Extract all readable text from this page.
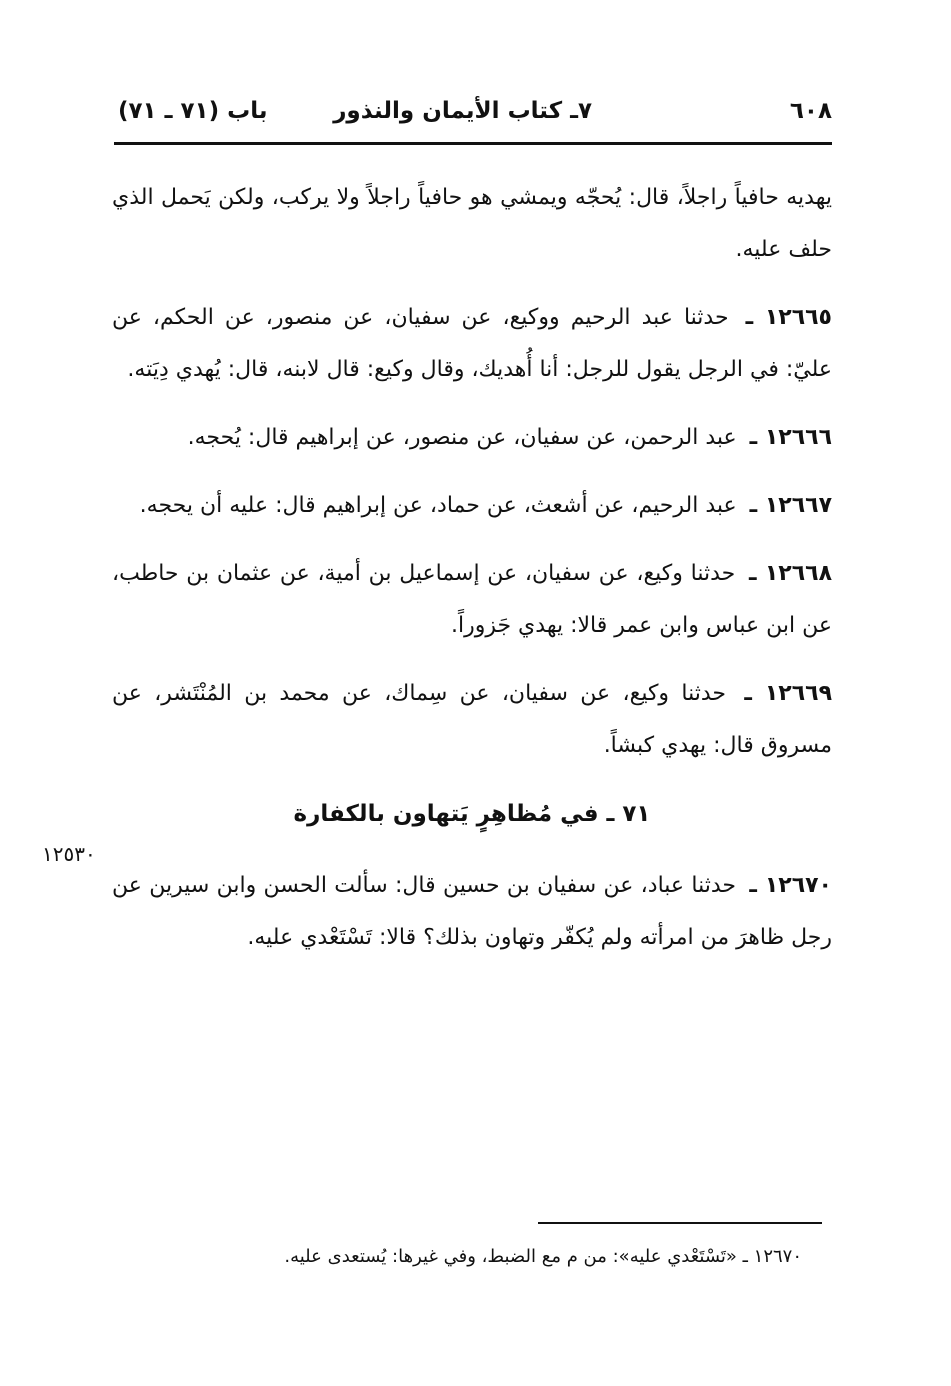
٦٠٨
٧ـ كتاب الأيمان والنذور
باب (٧١ ـ ٧١)

يهديه حافياً راجلاً، قال: يُحجّه ويمشي هو حافياً راجلاً ولا يركب، ولكن يَحمل الذي حلف عليه.

١٢٦٦٥ ـ حدثنا عبد الرحيم ووكيع، عن سفيان، عن منصور، عن الحكم، عن عليّ: في الرجل يقول للرجل: أنا أُهديك، وقال وكيع: قال لابنه، قال: يُهدي دِيَته.

١٢٦٦٦ ـ عبد الرحمن، عن سفيان، عن منصور، عن إبراهيم قال: يُحجه.

١٢٦٦٧ ـ عبد الرحيم، عن أشعث، عن حماد، عن إبراهيم قال: عليه أن يحجه.

١٢٦٦٨ ـ حدثنا وكيع، عن سفيان، عن إسماعيل بن أمية، عن عثمان بن حاطب، عن ابن عباس وابن عمر قالا: يهدي جَزوراً.

١٢٦٦٩ ـ حدثنا وكيع، عن سفيان، عن سِماك، عن محمد بن المُنْتَشر، عن مسروق قال: يهدي كبشاً.

٧١ ـ في مُظاهِرٍ يَتهاون بالكفارة

١٢٦٧٠ ـ حدثنا عباد، عن سفيان بن حسين قال: سألت الحسن وابن سيرين عن رجل ظاهرَ من امرأته ولم يُكفّر وتهاون بذلك؟ قالا: تَسْتَعْدي عليه.

١٢٥٣٠
١٢٦٧٠ ـ «تَسْتَعْدي عليه»: من م مع الضبط، وفي غيرها: يُستعدى عليه.
